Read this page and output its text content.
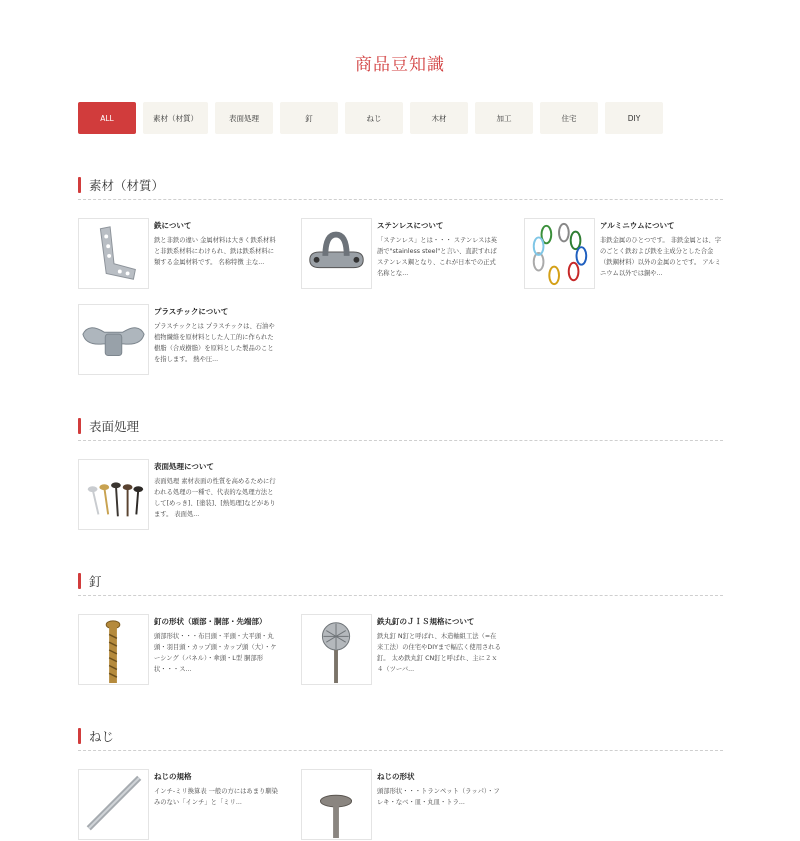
商品豆知識
ALL	素材（材質）	表面処理	釘	ねじ	木材	加工	住宅	DIY
素材（材質）
鉄について
鉄と非鉄の違い 金属材料は大きく鉄系材料と非鉄系材料にわけられ、鉄は鉄系材料に類する金属材料です。 名称特徴 主な...
ステンレスについて
「ステンレス」とは・・・ ステンレスは英語で"stainless steel"と言い、直訳すればステンレス鋼となり、これが日本での正式名称とな...
アルミニウムについて
非鉄金属のひとつです。 非鉄金属とは、字のごとく鉄および鉄を主成分とした合金（鉄鋼材料）以外の金属のとです。 アルミニウム以外では銅や...
プラスチックについて
プラスチックとは プラスチックは、石油や植物繊維を原材料とした人工的に作られた樹脂（合成樹脂）を原料とした製品のことを指します。 熱や圧...
表面処理
表面処理について
表面処理 素材表面の性質を高めるために行われる処理の一種で、代表的な処理方法として[めっき]、[塗装]、[熱処理]などがあります。 表面処...
釘
釘の形状（頭部・胴部・先端部）
頭部形状・・・布目頭・平頭・大平頭・丸頭・羽目頭・カップ頭・カップ頭（大）・ケーシング（パネル）・傘頭・L型 胴部形状・・・ス...
鉄丸釘のＪＩＳ規格について
鉄丸釘 N釘と呼ばれ、木造軸組工法（=在来工法）の住宅やDIYまで幅広く使用される釘。 太め鉄丸釘 CN釘と呼ばれ、主に２ｘ４（ツーバ...
ねじ
ねじの規格
インチ-ミリ換算表 一般の方にはあまり馴染みのない「インチ」と「ミリ...
ねじの形状
頭部形状・・・トランペット（ラッパ）・フレキ・なべ・皿・丸皿・トラ...
